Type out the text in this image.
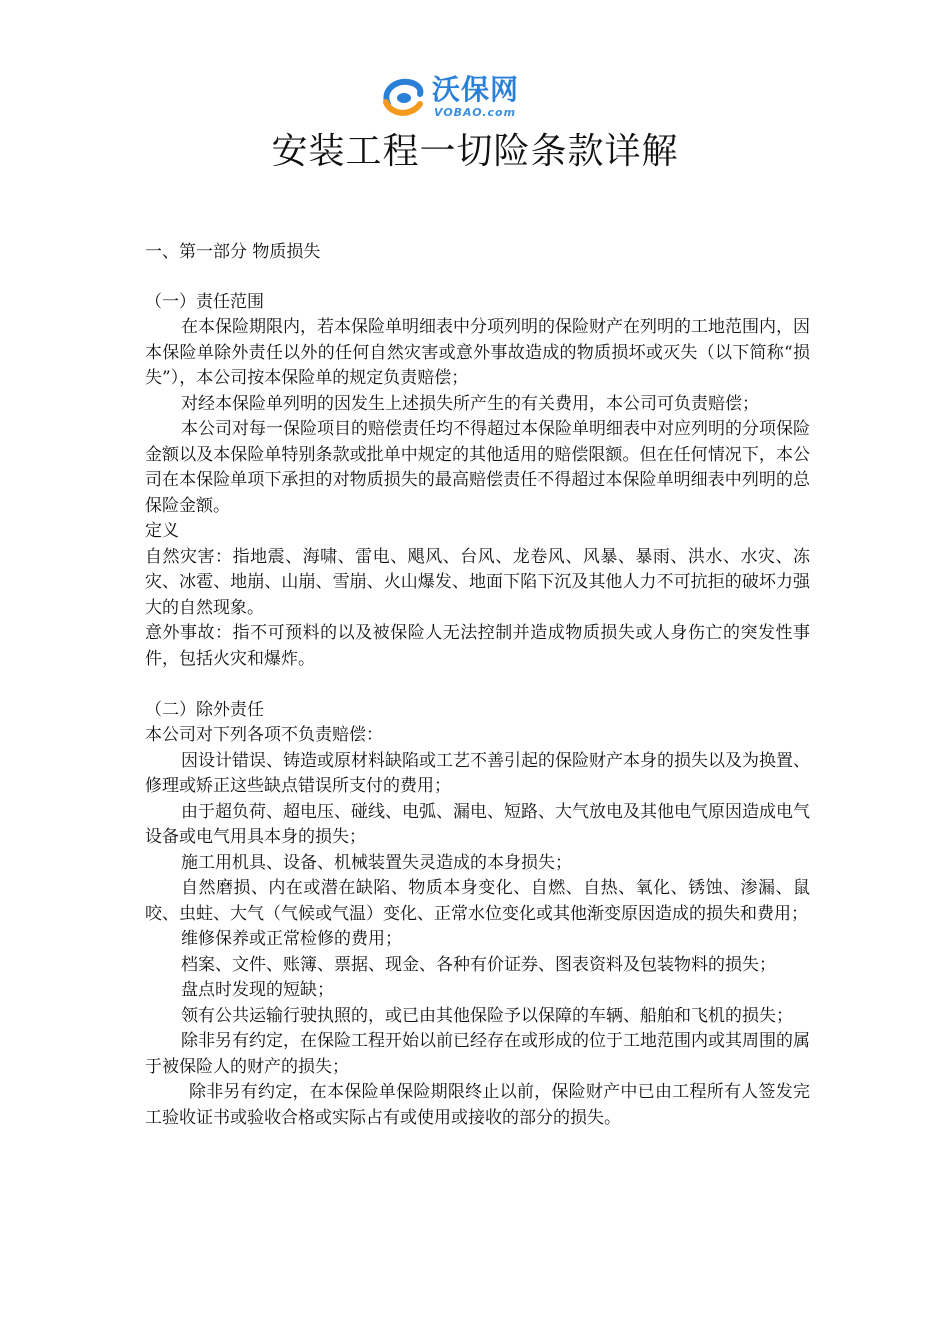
沃保网
VOBAO.com
安装工程一切险条款详解

一、第一部分 物质损失

（一）责任范围

在本保险期限内，若本保险单明细表中分项列明的保险财产在列明的工地范围内，因本保险单除外责任以外的任何自然灾害或意外事故造成的物质损坏或灭失（以下简称“损失”），本公司按本保险单的规定负责赔偿；

对经本保险单列明的因发生上述损失所产生的有关费用，本公司可负责赔偿；

本公司对每一保险项目的赔偿责任均不得超过本保险单明细表中对应列明的分项保险金额以及本保险单特别条款或批单中规定的其他适用的赔偿限额。但在任何情况下，本公司在本保险单项下承担的对物质损失的最高赔偿责任不得超过本保险单明细表中列明的总保险金额。

定义

自然灾害：指地震、海啸、雷电、飓风、台风、龙卷风、风暴、暴雨、洪水、水灾、冻灾、冰雹、地崩、山崩、雪崩、火山爆发、地面下陷下沉及其他人力不可抗拒的破坏力强大的自然现象。

意外事故：指不可预料的以及被保险人无法控制并造成物质损失或人身伤亡的突发性事件，包括火灾和爆炸。

（二）除外责任

本公司对下列各项不负责赔偿：

因设计错误、铸造或原材料缺陷或工艺不善引起的保险财产本身的损失以及为换置、修理或矫正这些缺点错误所支付的费用；

由于超负荷、超电压、碰线、电弧、漏电、短路、大气放电及其他电气原因造成电气设备或电气用具本身的损失；

施工用机具、设备、机械装置失灵造成的本身损失；

自然磨损、内在或潜在缺陷、物质本身变化、自燃、自热、氧化、锈蚀、渗漏、鼠咬、虫蛀、大气（气候或气温）变化、正常水位变化或其他渐变原因造成的损失和费用；

维修保养或正常检修的费用；

档案、文件、账簿、票据、现金、各种有价证券、图表资料及包装物料的损失；

盘点时发现的短缺；

领有公共运输行驶执照的，或已由其他保险予以保障的车辆、船舶和飞机的损失；

除非另有约定，在保险工程开始以前已经存在或形成的位于工地范围内或其周围的属于被保险人的财产的损失；

除非另有约定，在本保险单保险期限终止以前，保险财产中已由工程所有人签发完工验收证书或验收合格或实际占有或使用或接收的部分的损失。
